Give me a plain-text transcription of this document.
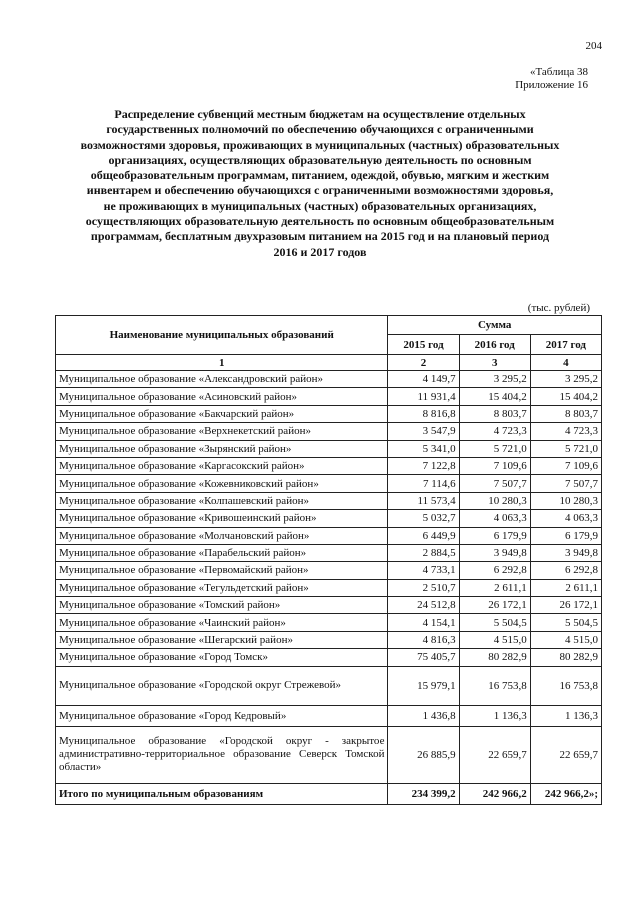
204
«Таблица 38
Приложение 16
Распределение субвенций местным бюджетам на осуществление отдельных государственных полномочий по обеспечению обучающихся с ограниченными возможностями здоровья, проживающих в муниципальных (частных) образовательных организациях, осуществляющих образовательную деятельность по основным общеобразовательным программам, питанием, одеждой, обувью, мягким и жестким инвентарем и обеспечению обучающихся с ограниченными возможностями здоровья, не проживающих в муниципальных (частных) образовательных организациях, осуществляющих образовательную деятельность по основным общеобразовательным программам, бесплатным двухразовым питанием на 2015 год и на плановый период 2016 и 2017 годов
(тыс. рублей)
Наименование муниципальных образований	Сумма		
	2015 год	2016 год	2017 год
1	2	3	4
Муниципальное образование «Александровский район»	4 149,7	3 295,2	3 295,2
Муниципальное образование «Асиновский район»	11 931,4	15 404,2	15 404,2
Муниципальное образование «Бакчарский район»	8 816,8	8 803,7	8 803,7
Муниципальное образование «Верхнекетский район»	3 547,9	4 723,3	4 723,3
Муниципальное образование «Зырянский район»	5 341,0	5 721,0	5 721,0
Муниципальное образование «Каргасокский район»	7 122,8	7 109,6	7 109,6
Муниципальное образование «Кожевниковский район»	7 114,6	7 507,7	7 507,7
Муниципальное образование «Колпашевский район»	11 573,4	10 280,3	10 280,3
Муниципальное образование «Кривошеинский район»	5 032,7	4 063,3	4 063,3
Муниципальное образование «Молчановский район»	6 449,9	6 179,9	6 179,9
Муниципальное образование «Парабельский район»	2 884,5	3 949,8	3 949,8
Муниципальное образование «Первомайский район»	4 733,1	6 292,8	6 292,8
Муниципальное образование «Тегульдетский район»	2 510,7	2 611,1	2 611,1
Муниципальное образование «Томский район»	24 512,8	26 172,1	26 172,1
Муниципальное образование «Чаинский район»	4 154,1	5 504,5	5 504,5
Муниципальное образование «Шегарский район»	4 816,3	4 515,0	4 515,0
Муниципальное образование «Город Томск»	75 405,7	80 282,9	80 282,9
Муниципальное образование «Городской округ Стрежевой»	15 979,1	16 753,8	16 753,8
Муниципальное образование «Город Кедровый»	1 436,8	1 136,3	1 136,3
Муниципальное образование «Городской округ - закрытое административно-территориальное образование Северск Томской области»	26 885,9	22 659,7	22 659,7
Итого по муниципальным образованиям	234 399,2	242 966,2	242 966,2»;
